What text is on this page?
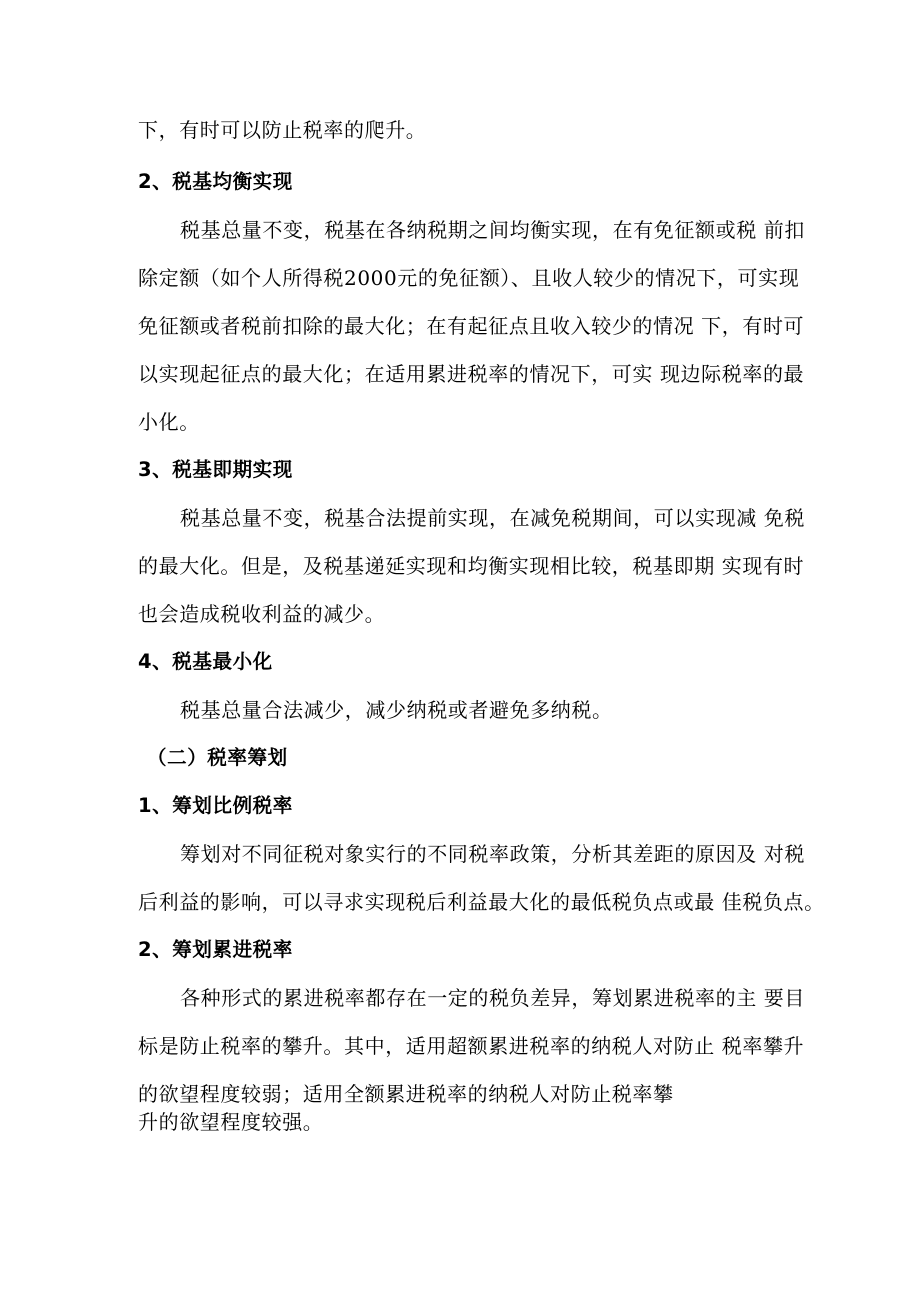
下，有时可以防止税率的爬升。
2、税基均衡实现
税基总量不变，税基在各纳税期之间均衡实现，在有免征额或税 前扣
除定额（如个人所得税2000元的免征额）、且收人较少的情况下，可实现
免征额或者税前扣除的最大化；在有起征点且收入较少的情况 下，有时可
以实现起征点的最大化；在适用累进税率的情况下，可实 现边际税率的最
小化。
3、税基即期实现
税基总量不变，税基合法提前实现，在减免税期间，可以实现减 免税
的最大化。但是，及税基递延实现和均衡实现相比较，税基即期 实现有时
也会造成税收利益的减少。
4、税基最小化
税基总量合法减少，减少纳税或者避免多纳税。
（二）税率筹划
1、筹划比例税率
筹划对不同征税对象实行的不同税率政策，分析其差距的原因及 对税
后利益的影响，可以寻求实现税后利益最大化的最低税负点或最 佳税负点。
2、筹划累进税率
各种形式的累进税率都存在一定的税负差异，筹划累进税率的主 要目
标是防止税率的攀升。其中，适用超额累进税率的纳税人对防止 税率攀升
的欲望程度较弱；适用全额累进税率的纳税人对防止税率攀
升的欲望程度较强。
